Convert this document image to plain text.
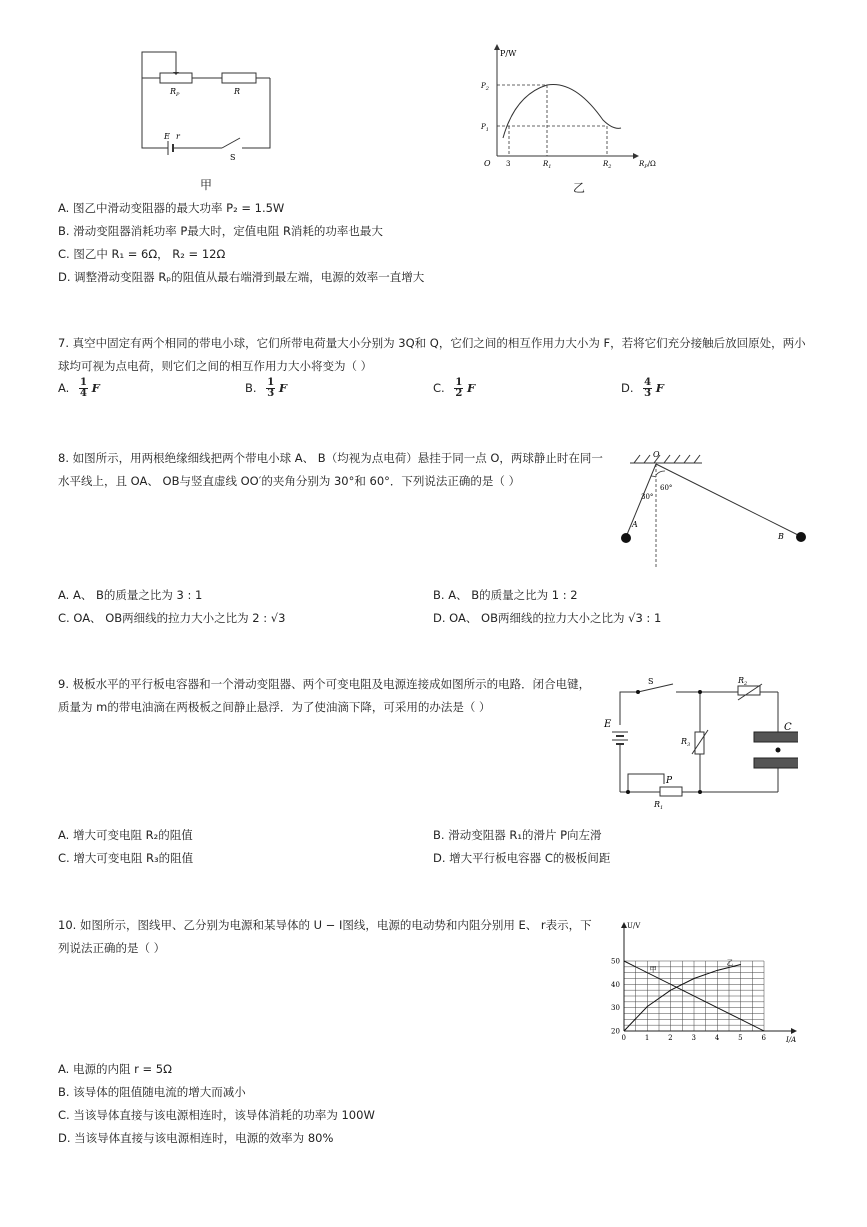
$R_P$	R
E r
S
甲
P/W
$P_2$
$P_1$
O 3	$R_1$	$R_2$	$R_P/\Omega$
乙
A. 图乙中滑动变阻器的最大功率 P₂ = 1.5W
B. 滑动变阻器消耗功率 P最大时，定值电阻 R消耗的功率也最大
C. 图乙中 R₁ = 6Ω， R₂ = 12Ω
D. 调整滑动变阻器 Rₚ的阻值从最右端滑到最左端，电源的效率一直增大
7. 真空中固定有两个相同的带电小球，它们所带电荷量大小分别为 3Q和 Q，它们之间的相互作用力大小为 F，若将它们充分接触后放回原处，两小
球均可视为点电荷，则它们之间的相互作用力大小将变为（ ）
A. $\frac{1}{4}$ F	B. $\frac{1}{3}$ F	C. $\frac{1}{2}$ F	D. $\frac{4}{3}$ F
8. 如图所示，用两根绝缘细线把两个带电小球 A、 B（均视为点电荷）悬挂于同一点 O，两球静止时在同一
水平线上，且 OA、 OB与竖直虚线 OO′的夹角分别为 30°和 60°．下列说法正确的是（ ）
O
A
B
30°
60°
A. A、 B的质量之比为 3 : 1	B. A、 B的质量之比为 1 : 2
C. OA、 OB两细线的拉力大小之比为 2 : √3	D. OA、 OB两细线的拉力大小之比为 √3 : 1
9. 极板水平的平行板电容器和一个滑动变阻器、两个可变电阻及电源连接成如图所示的电路．闭合电键，
质量为 m的带电油滴在两极板之间静止悬浮．为了使油滴下降，可采用的办法是（ ）
S	$R_2$
$R_3$
$R_1$
E	C
P
A. 增大可变电阻 R₂的阻值	B. 滑动变阻器 R₁的滑片 P向左滑
C. 增大可变电阻 R₃的阻值	D. 增大平行板电容器 C的极板间距
10. 如图所示，图线甲、乙分别为电源和某导体的 U − I图线，电源的电动势和内阻分别用 E、 r表示，下
列说法正确的是（ ）
0	1	2	3	4	5	6
20
30
40
50
U/V
I/A
甲
乙
A. 电源的内阻 r = 5Ω
B. 该导体的阻值随电流的增大而减小
C. 当该导体直接与该电源相连时，该导体消耗的功率为 100W
D. 当该导体直接与该电源相连时，电源的效率为 80%
